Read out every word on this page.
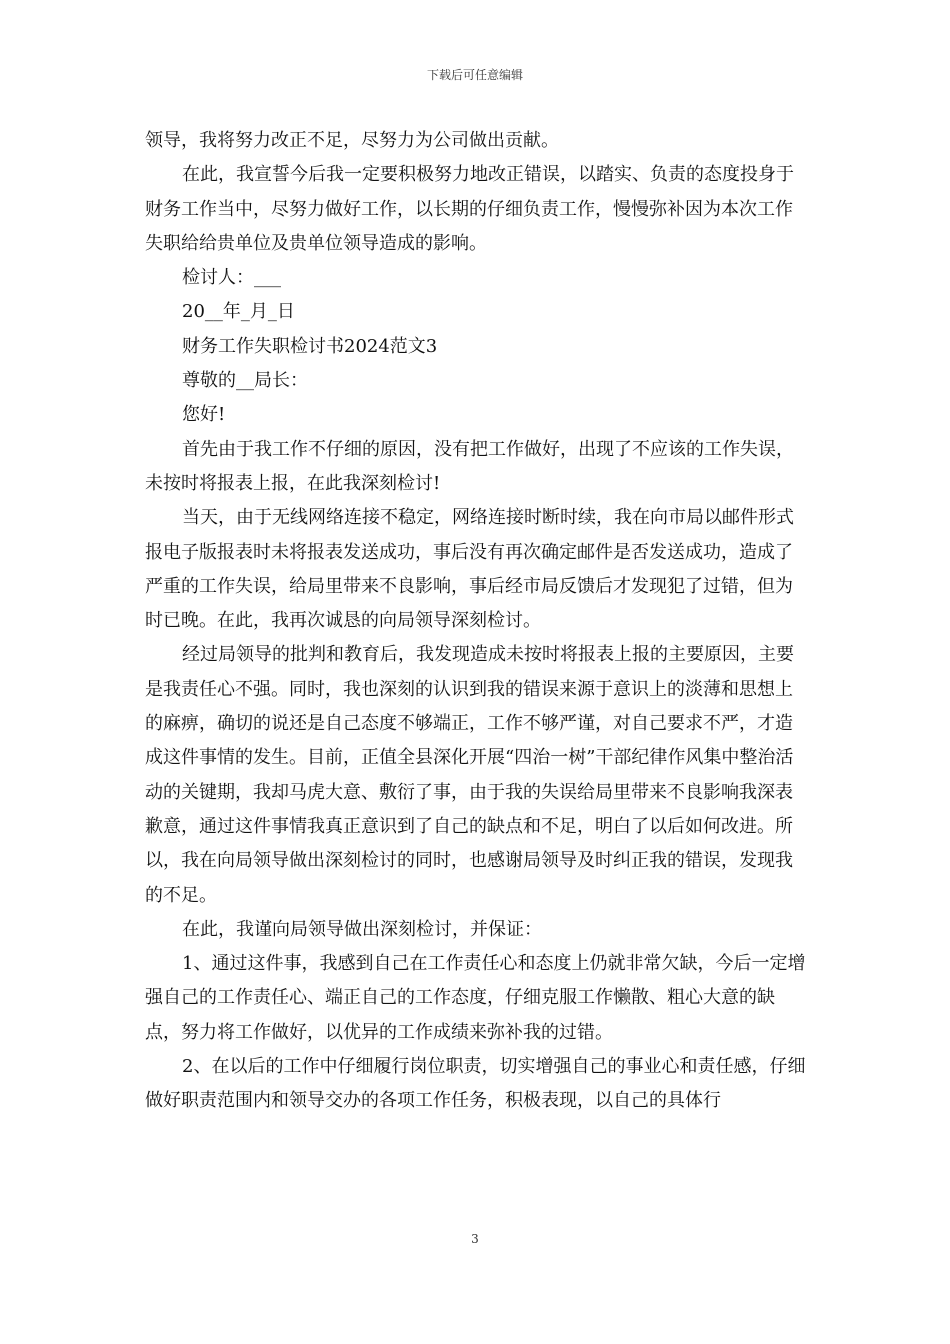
下载后可任意编辑

领导，我将努力改正不足，尽努力为公司做出贡献。

在此，我宣誓今后我一定要积极努力地改正错误，以踏实、负责的态度投身于财务工作当中，尽努力做好工作，以长期的仔细负责工作，慢慢弥补因为本次工作失职给给贵单位及贵单位领导造成的影响。

检讨人：___

20__年_月_日

财务工作失职检讨书2024范文3

尊敬的__局长：

您好!

首先由于我工作不仔细的原因，没有把工作做好，出现了不应该的工作失误，未按时将报表上报，在此我深刻检讨!

当天，由于无线网络连接不稳定，网络连接时断时续，我在向市局以邮件形式报电子版报表时未将报表发送成功，事后没有再次确定邮件是否发送成功，造成了严重的工作失误，给局里带来不良影响，事后经市局反馈后才发现犯了过错，但为时已晚。在此，我再次诚恳的向局领导深刻检讨。

经过局领导的批判和教育后，我发现造成未按时将报表上报的主要原因，主要是我责任心不强。同时，我也深刻的认识到我的错误来源于意识上的淡薄和思想上的麻痹，确切的说还是自己态度不够端正，工作不够严谨，对自己要求不严，才造成这件事情的发生。目前，正值全县深化开展“四治一树”干部纪律作风集中整治活动的关键期，我却马虎大意、敷衍了事，由于我的失误给局里带来不良影响我深表歉意，通过这件事情我真正意识到了自己的缺点和不足，明白了以后如何改进。所以，我在向局领导做出深刻检讨的同时，也感谢局领导及时纠正我的错误，发现我的不足。

在此，我谨向局领导做出深刻检讨，并保证：

1、通过这件事，我感到自己在工作责任心和态度上仍就非常欠缺，今后一定增强自己的工作责任心、端正自己的工作态度，仔细克服工作懒散、粗心大意的缺点，努力将工作做好，以优异的工作成绩来弥补我的过错。

2、在以后的工作中仔细履行岗位职责，切实增强自己的事业心和责任感，仔细做好职责范围内和领导交办的各项工作任务，积极表现，以自己的具体行

3
